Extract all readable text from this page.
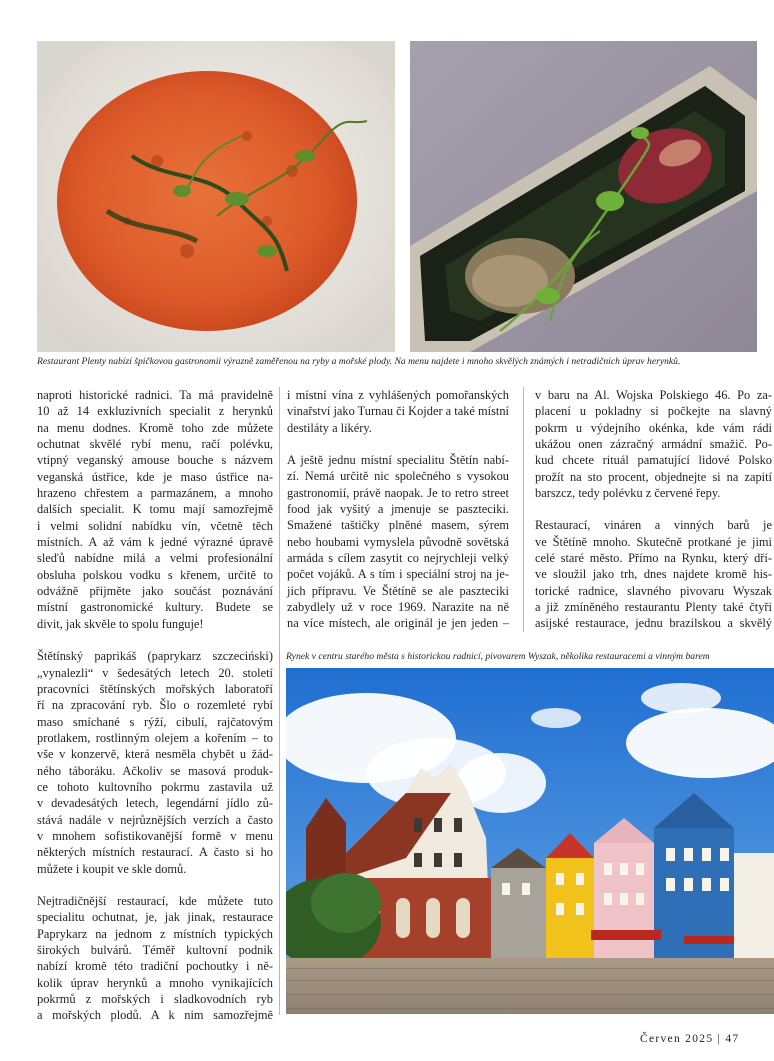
Restaurant Plenty nabízí špičkovou gastronomii výrazně zaměřenou na ryby a mořské plody. Na menu najdete i mnoho skvělých známých i netradičních úprav herynků.

naproti historické radnici. Ta má pravidelně

10 až 14 exkluzivních specialit z herynků

na menu dodnes. Kromě toho zde můžete

ochutnat skvělé rybí menu, račí polévku,

vtipný veganský amouse bouche s názvem

veganská ústřice, kde je maso ústřice na-

hrazeno chřestem a parmazánem, a mnoho

dalších specialit. K tomu mají samozřejmě

i velmi solidní nabídku vín, včetně těch

místních. A až vám k jedné výrazné úpravě

sleďů nabídne milá a velmi profesionální

obsluha polskou vodku s křenem, určitě to

odvážně přijměte jako součást poznávání

místní gastronomické kultury. Budete se

divit, jak skvěle to spolu funguje!

Štětínský paprikáš (paprykarz szczeciński)

„vynalezli“ v šedesátých letech 20. století

pracovníci štětínských mořských laboratoří

ří na zpracování ryb. Šlo o rozemleté rybí

maso smíchané s rýží, cibulí, rajčatovým

protlakem, rostlinným olejem a kořením – to

vše v konzervě, která nesměla chybět u žád-

ného táboráku. Ačkoliv se masová produk-

ce tohoto kultovního pokrmu zastavila už

v devadesátých letech, legendární jídlo zů-

stává nadále v nejrůznějších verzích a často

v mnohem sofistikovanější formě v menu

některých místních restaurací. A často si ho

můžete i koupit ve skle domů.

Nejtradičnější restaurací, kde můžete tuto

specialitu ochutnat, je, jak jinak, restaurace

Paprykarz na jednom z místních typických

širokých bulvárů. Téměř kultovní podnik

nabízí kromě této tradiční pochoutky i ně-

kolik úprav herynků a mnoho vynikajících

pokrmů z mořských i sladkovodních ryb

a mořských plodů. A k nim samozřejmě

i místní vína z vyhlášených pomořanských

vinařství jako Turnau či Kojder a také místní

destiláty a likéry.

A ještě jednu místní specialitu Štětín nabí-

zí. Nemá určitě nic společného s vysokou

gastronomií, právě naopak. Je to retro street

food jak vyšitý a jmenuje se paszteciki.

Smažené taštičky plněné masem, sýrem

nebo houbami vymyslela původně sovětská

armáda s cílem zasytit co nejrychleji velký

počet vojáků. A s tím i speciální stroj na je-

jich přípravu. Ve Štětíně se ale paszteciki

zabydlely už v roce 1969. Narazite na ně

na více místech, ale originál je jen jeden –

v baru na Al. Wojska Polskiego 46. Po za-

placení u pokladny si počkejte na slavný

pokrm u výdejního okénka, kde vám rádi

ukážou onen zázračný armádní smažič. Po-

kud chcete rituál pamatující lidové Polsko

prožít na sto procent, objednejte si na zapití

barszcz, tedy polévku z červené řepy.

Restaurací, vináren a vinných barů je

ve Štětíně mnoho. Skutečně protkané je jimi

celé staré město. Přímo na Rynku, který dří-

ve sloužil jako trh, dnes najdete kromě his-

torické radnice, slavného pivovaru Wyszak

a již zmíněného restaurantu Plenty také čtyři

asijské restaurace, jednu brazilskou a skvělý

Rynek v centru starého města s historickou radnicí, pivovarem Wyszak, několika restauracemi a vinným barem
Červen 2025 | 47
